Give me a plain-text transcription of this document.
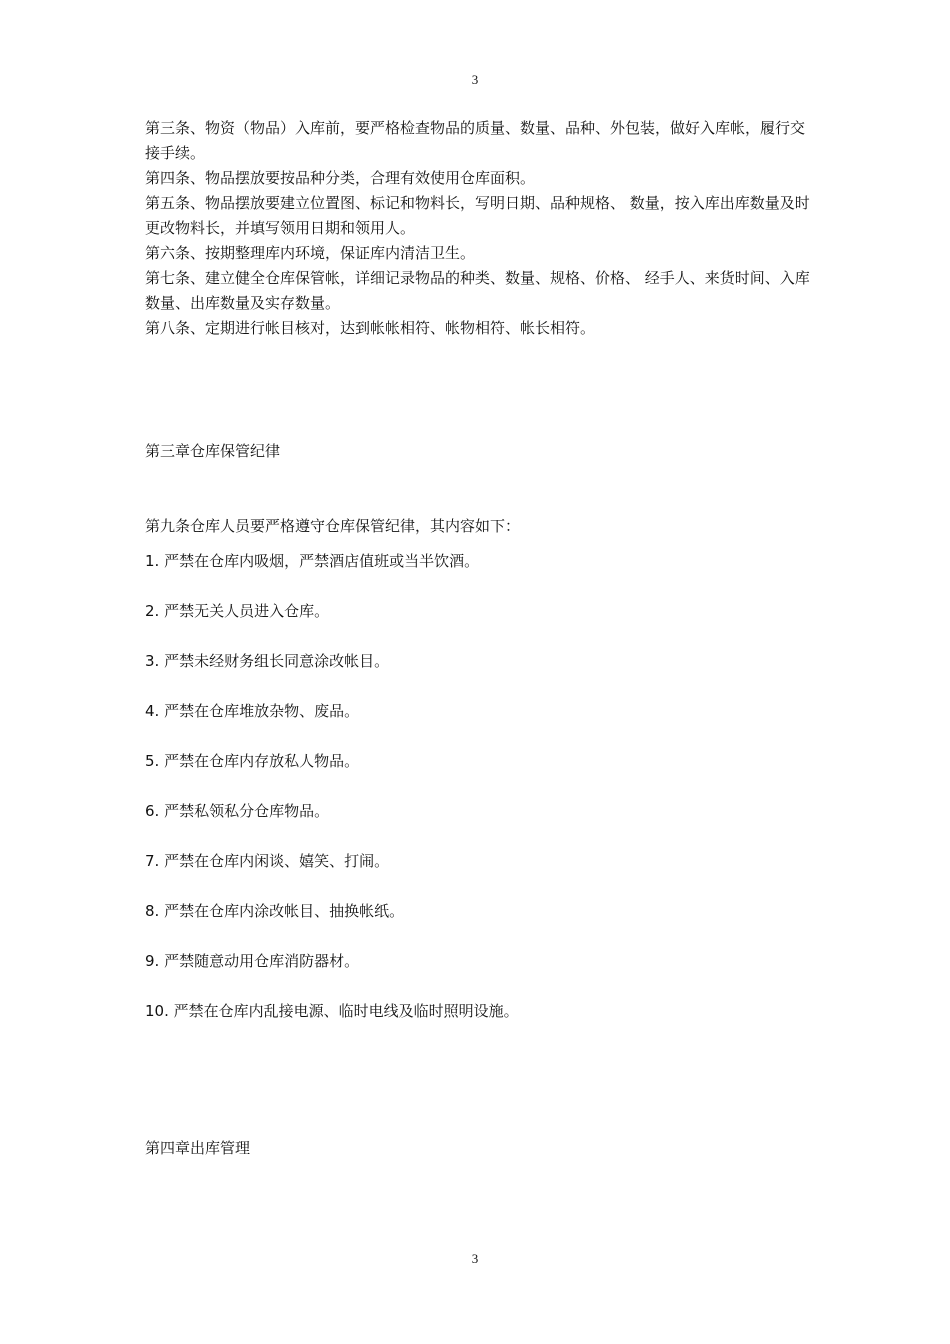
3

第三条、物资（物品）入库前，要严格检查物品的质量、数量、品种、外包装，做好入库帐，履行交接手续。

第四条、物品摆放要按品种分类，合理有效使用仓库面积。

第五条、物品摆放要建立位置图、标记和物料长，写明日期、品种规格、 数量，按入库出库数量及时更改物料长，并填写领用日期和领用人。

第六条、按期整理库内环境，保证库内清洁卫生。

第七条、建立健全仓库保管帐，详细记录物品的种类、数量、规格、价格、 经手人、来货时间、入库数量、出库数量及实存数量。

第八条、定期进行帐目核对，达到帐帐相符、帐物相符、帐长相符。

第三章仓库保管纪律

第九条仓库人员要严格遵守仓库保管纪律，其内容如下：

1. 严禁在仓库内吸烟，严禁酒店值班或当半饮酒。
2. 严禁无关人员进入仓库。
3. 严禁未经财务组长同意涂改帐目。
4. 严禁在仓库堆放杂物、废品。
5. 严禁在仓库内存放私人物品。
6. 严禁私领私分仓库物品。
7. 严禁在仓库内闲谈、嬉笑、打闹。
8. 严禁在仓库内涂改帐目、抽换帐纸。
9. 严禁随意动用仓库消防器材。
10. 严禁在仓库内乱接电源、临时电线及临时照明设施。

第四章出库管理

3
